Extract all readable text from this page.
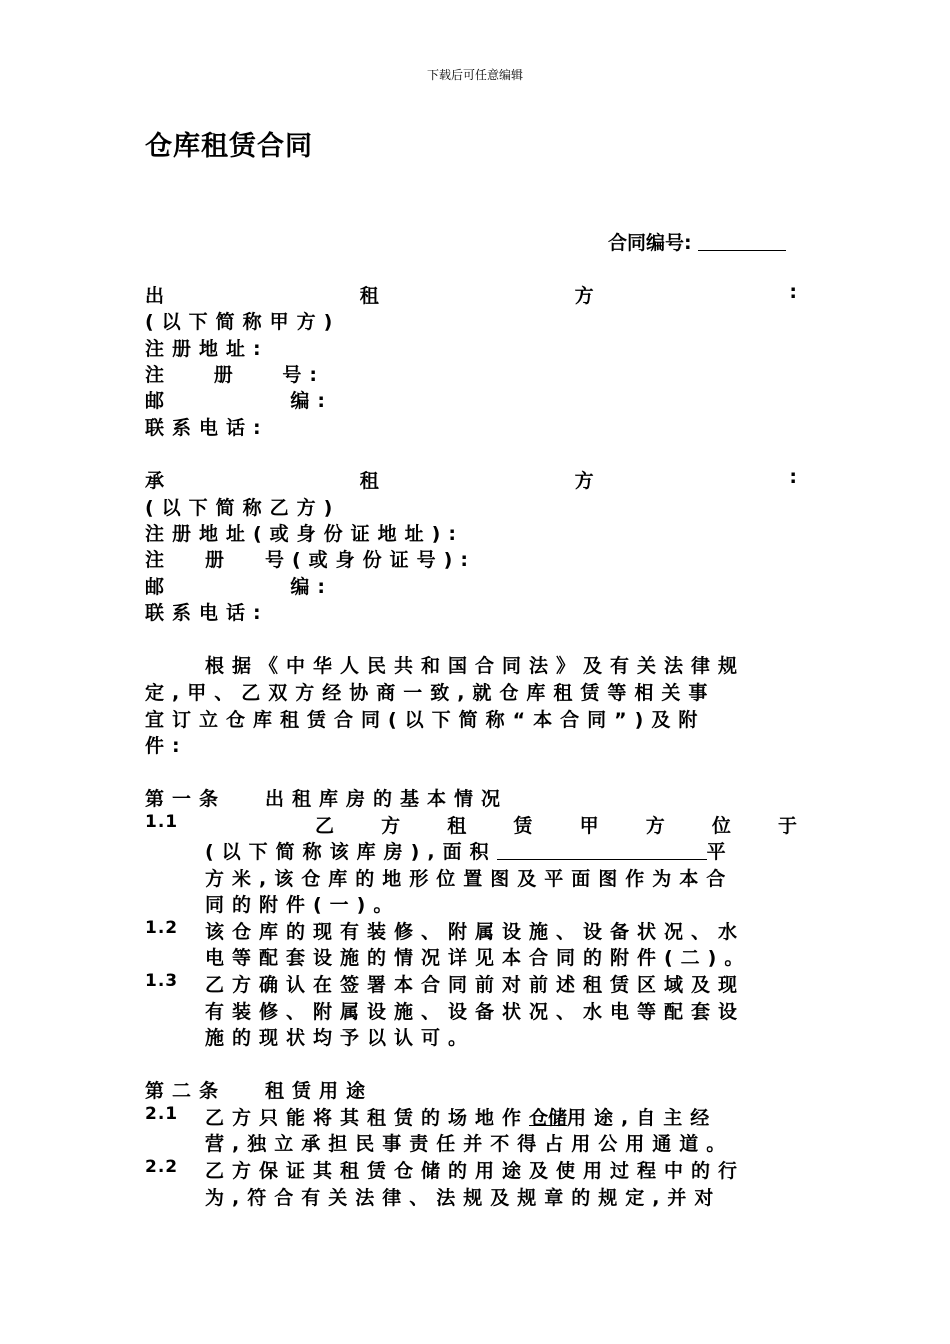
下载后可任意编辑
仓库租赁合同
合同编号:
出	租	方	:
(以下简称甲方)
注册地址:
注	册	号:
邮	编:
联系电话:
承	租	方	:
(以下简称乙方)
注册地址(或身份证地址):
注	册	号(或身份证号):
邮	编:
联系电话:
根据《中华人民共和国合同法》及有关法律规
定,甲、乙双方经协商一致,就仓库租赁等相关事
宜订立仓库租赁合同(以下简称“本合同”)及附
件:
第一条 出租库房的基本情况
1.1	乙 方 租 赁 甲 方 位 于
(以下简称该库房),面积	平
方米,该仓库的地形位置图及平面图作为本合
同的附件(一)。
1.2 该仓库的现有装修、附属设施、设备状况、水
电等配套设施的情况详见本合同的附件(二)。
1.3 乙方确认在签署本合同前对前述租赁区域及现
有装修、附属设施、设备状况、水电等配套设
施的现状均予以认可。
第二条 租赁用途
2.1 乙方只能将其租赁的场地作仓储用途,自主经
营,独立承担民事责任并不得占用公用通道。
2.2 乙方保证其租赁仓储的用途及使用过程中的行
为,符合有关法律、法规及规章的规定,并对
